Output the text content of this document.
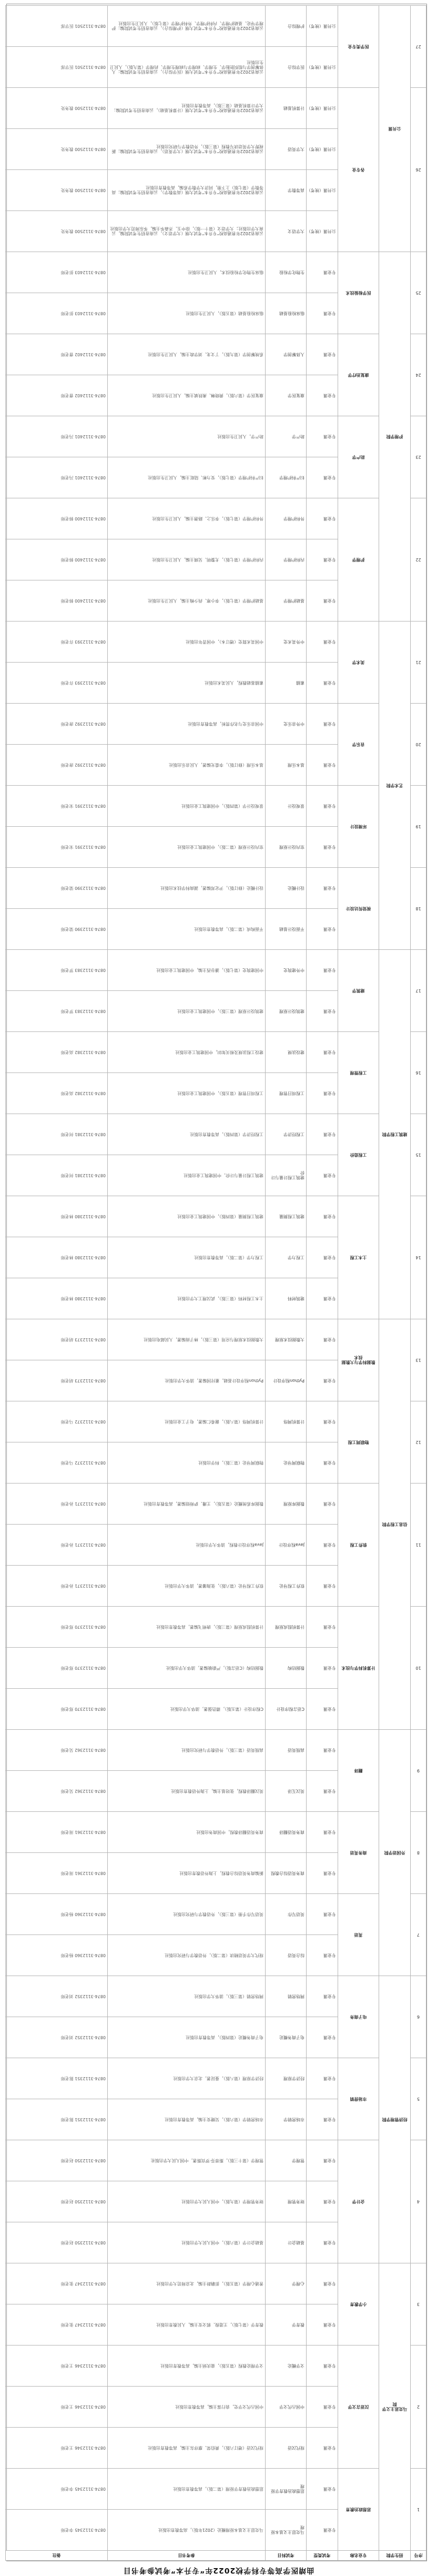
曲靖医学高等专科学校2022年“专升本”考试参考书目
序号	招生学院	专业名称	考试类型	考试科目	参考书目	备注
1	马克思主义学院	思想政治教育	专业课	马克思主义基本原理	马克思主义基本原理概论（2021年版），高等教育出版社	0874-3112345 李老师
			专业课	思想政治教育学原理	思想政治教育学原理（第二版），高等教育出版社	0874-3112345 李老师
2		汉语言文学	专业课	现代汉语	现代汉语（增订六版），黄伯荣、廖序东主编，高等教育出版社	0874-3112346 王老师
			专业课	中国古代文学	中国古代文学史，袁行霈主编，高等教育出版社	0874-3112346 王老师
			专业课	文学概论	文学理论教程（第五版），童庆炳主编，高等教育出版社	0874-3112346 王老师
3		小学教育	专业课	教育学	教育学（第七版），王道俊、郭文安主编，人民教育出版社	0874-3112347 张老师
			专业课	心理学	普通心理学（第五版），彭聃龄主编，北京师范大学出版社	0874-3112347 张老师
4	经济管理学院	会计学	专业课	基础会计	基础会计学（第六版），中国人民大学出版社	0874-3112350 赵老师
			专业课	财务管理	财务管理学（第九版），中国人民大学出版社	0874-3112350 赵老师
			专业课	管理学	管理学（第十三版），斯蒂芬·罗宾斯著，中国人民大学出版社	0874-3112350 赵老师
5		市场营销	专业课	市场营销学	市场营销学（第六版），吴健安主编，高等教育出版社	0874-3112351 陈老师
			专业课	经济学原理	经济学原理（第八版），曼昆著，北京大学出版社	0874-3112351 陈老师
6		电子商务	专业课	电子商务概论	电子商务概论（第四版），高等教育出版社	0874-3112352 刘老师
			专业课	网络营销	网络营销（第三版），清华大学出版社	0874-3112352 刘老师
7	外国语学院	英语	专业课	综合英语	现代大学英语精读（第二版），外语教学与研究出版社	0874-3112360 杨老师
			专业课	英语写作	英语写作手册（第三版），外语教学与研究出版社	0874-3112360 杨老师
8		商务英语	专业课	商务英语综合教程	新编商务英语综合教程，上海外语教育出版社	0874-3112361 周老师
			专业课	商务英语翻译	商务英语翻译教程，中国商务出版社	0874-3112361 周老师
9		翻译	专业课	英汉互译	英汉翻译教程，张培基主编，上海外语教育出版社	0874-3112362 吴老师
			专业课	高级英语	高级英语（第三版），外语教学与研究出版社	0874-3112362 吴老师
10	信息工程学院	计算机科学与技术	专业课	C语言程序设计	C程序设计（第五版），谭浩强著，清华大学出版社	0874-3112370 郑老师
			专业课	数据结构	数据结构（C语言版），严蔚敏编著，清华大学出版社	0874-3112370 郑老师
			专业课	计算机组成原理	计算机组成原理（第三版），唐朔飞编著，高等教育出版社	0874-3112370 郑老师
11		软件工程	专业课	软件工程导论	软件工程导论（第六版），张海藩著，清华大学出版社	0874-3112371 孙老师
			专业课	Java程序设计	Java程序设计教程，清华大学出版社	0874-3112371 孙老师
			专业课	数据库原理	数据库系统概论（第五版），王珊、萨师煊编著，高等教育出版社	0874-3112371 孙老师
12		物联网工程	专业课	物联网导论	物联网导论（第三版），科学出版社	0874-3112372 马老师
			专业课	计算机网络	计算机网络（第八版），谢希仁编著，电子工业出版社	0874-3112372 马老师
13		数据科学与大数据技术	专业课	Python程序设计	Python程序设计基础，董付国编著，清华大学出版社	0874-3112373 胡老师
			专业课	大数据技术原理	大数据技术原理与应用（第三版），林子雨编著，人民邮电出版社	0874-3112373 胡老师
14	建筑工程学院	土木工程	专业课	建筑材料	土木工程材料（第三版），武汉理工大学出版社	0874-3112380 林老师
			专业课	工程力学	工程力学（第二版），高等教育出版社	0874-3112380 林老师
			专业课	建筑工程测量	建筑工程测量（第四版），中国建筑工业出版社	0874-3112380 林老师
15		工程造价	专业课	建筑工程计量与计价	建筑工程计量与计价，中国建筑工业出版社	0874-3112381 何老师
			专业课	工程经济学	工程经济学（第四版），高等教育出版社	0874-3112381 何老师
16		工程管理	专业课	工程项目管理	工程项目管理（第五版），中国建筑工业出版社	0874-3112382 高老师
			专业课	建设法规	建设工程法规及相关知识，中国建筑工业出版社	0874-3112382 高老师
17		建筑学	专业课	建筑设计原理	建筑设计原理（第三版），中国建筑工业出版社	0874-3112383 罗老师
			专业课	中外建筑史	中国建筑史（第七版），潘谷西主编，中国建筑工业出版社	0874-3112383 罗老师
18	艺术学院	视觉传达设计	专业课	平面设计基础	平面构成（第二版），高等教育出版社	0874-3112390 梁老师
			专业课	设计概论	设计概论（修订版），尹定邦编著，湖南科学技术出版社	0874-3112390 梁老师
19		环境设计	专业课	室内设计原理	室内设计原理（第二版），中国建筑工业出版社	0874-3112391 宋老师
			专业课	景观设计	景观设计学（第四版），中国建筑工业出版社	0874-3112391 宋老师
20		音乐学	专业课	基本乐理	基本乐理（修订版），李重光编著，人民音乐出版社	0874-3112392 唐老师
			专业课	中外音乐史	中国音乐史与名作赏析，高等教育出版社	0874-3112392 唐老师
21		美术学	专业课	素描	素描基础教程，人民美术出版社	0874-3112393 许老师
			专业课	中外美术史	中国美术简史（增订本），中国青年出版社	0874-3112393 许老师
22	护理学院	护理学	专业课	基础护理学	基础护理学（第七版），李小寒、尚少梅主编，人民卫生出版社	0874-3112400 韩老师
			专业课	内科护理学	内科护理学（第七版），尤黎明、吴瑛主编，人民卫生出版社	0874-3112400 韩老师
			专业课	外科护理学	外科护理学（第七版），李乐之、路潜主编，人民卫生出版社	0874-3112400 韩老师
23		助产学	专业课	妇产科护理学	妇产科护理学（第七版），安力彬、陆虹主编，人民卫生出版社	0874-3112401 冯老师
			专业课	助产学	助产学，人民卫生出版社	0874-3112401 冯老师
24		康复治疗学	专业课	康复医学	康复医学（第六版），黄晓琳、燕铁斌主编，人民卫生出版社	0874-3112402 曹老师
			专业课	人体解剖学	系统解剖学（第九版），丁文龙、刘学政主编，人民卫生出版社	0874-3112402 曹老师
25		医学检验技术	专业课	临床检验基础	临床检验基础（第五版），人民卫生出版社	0874-3112403 彭老师
			专业课	生物化学检验	临床生物化学检验技术，人民卫生出版社	0874-3112403 彭老师
26	公共课	各专业	公共课（统考）	大学语文	云南省2022年普通高校“专升本”考试大纲（大学语文），云南省招生考试院编，云南大学出版社；大学语文（第十一版），徐中玉、齐森华主编，华东师范大学出版社	0874-3112500 教务处
			公共课（统考）	高等数学	云南省2022年普通高校“专升本”考试大纲（高等数学），云南省招生考试院编；高等数学（第七版）上下册，同济大学数学系编，高等教育出版社	0874-3112500 教务处
			公共课（统考）	大学英语	云南省2022年普通高校“专升本”考试大纲（大学英语），云南省招生考试院编；新视野大学英语读写教程（第三版），外语教学与研究出版社	0874-3112500 教务处
			公共课（统考）	计算机基础	云南省2022年普通高校“专升本”考试大纲（计算机基础），云南省招生考试院编；大学计算机基础（第三版），高等教育出版社	0874-3112500 教务处
27		医学类专业	公共课（统考）	医学综合	云南省2022年普通高校“专升本”考试大纲（医学综合），云南省招生考试院编；人体解剖学与组织胚胎学、生理学、病理学与病理生理学、药理学（第九版），人民卫生出版社	0874-3112501 医学部
			公共课（统考）	护理综合	云南省2022年普通高校“专升本”考试大纲（护理综合），云南省招生考试院编；护理学导论、基础护理学、内科护理学、外科护理学（第七版），人民卫生出版社	0874-3112501 医学部
